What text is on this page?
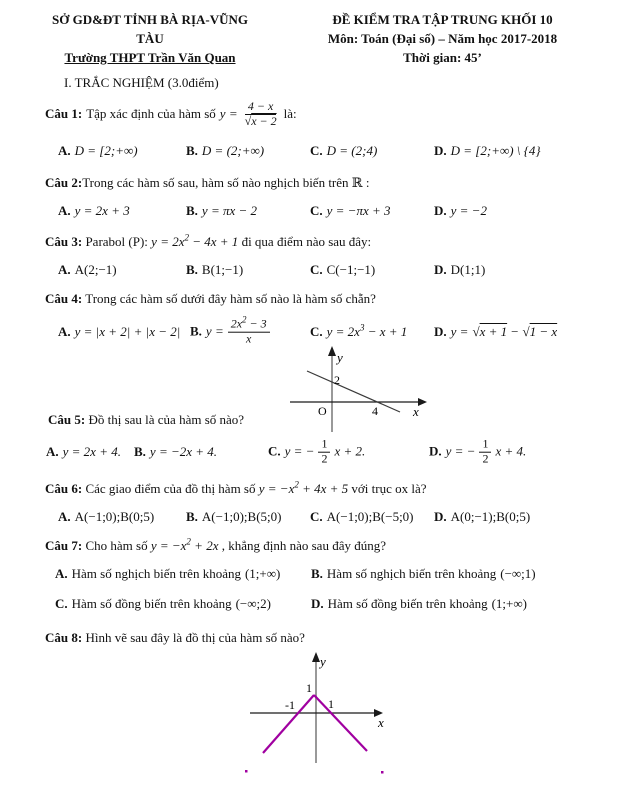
SỞ GD&ĐT TỈNH BÀ RỊA-VŨNG TÀU
Trường THPT Trần Văn Quan
ĐỀ KIỂM TRA TẬP TRUNG KHỐI 10
Môn: Toán (Đại số) – Năm học 2017-2018
Thời gian: 45’
I. TRẮC NGHIỆM (3.0điểm)
Câu 1: Tập xác định của hàm số $y = \frac{4 - x}{√x - 2}$ là:
A. D = [2;+∞)	B. D = (2;+∞)	C. D = (2;4)	D. D = [2;+∞) \ {4}
Câu 2:Trong các hàm số sau, hàm số nào nghịch biến trên ℝ :
A. y = 2x + 3	B. y = πx − 2	C. y = −πx + 3	D. y = −2
Câu 3: Parabol (P): $y = 2x^2 - 4x + 1$ đi qua điểm nào sau đây:
A. A(2;−1)	B. B(1;−1)	C. C(−1;−1)	D. D(1;1)
Câu 4: Trong các hàm số dưới đây hàm số nào là hàm số chẵn?
A. y = |x + 2| + |x − 2| B. $y = \frac{2x^2 - 3}{x}$	C. $y = 2x^3 - x + 1$ D. y = √x + 1 − √1 − x
y
x
O
2
4
Câu 5: Đồ thị sau là của hàm số nào?
A. y = 2x + 4. B. y = −2x + 4.	C. y = − $\frac{1}{2}$ x + 2.	D. y = − $\frac{1}{2}$ x + 4.
Câu 6: Các giao điểm của đồ thị hàm số $y = -x^2 + 4x + 5$ với trục ox là?
A. A(−1;0);B(0;5) B. A(−1;0);B(5;0) C. A(−1;0);B(−5;0) D. A(0;−1);B(0;5)
Câu 7: Cho hàm số $y = -x^2 + 2x$ , khẳng định nào sau đây đúng?
A. Hàm số nghịch biến trên khoảng (1;+∞) B. Hàm số nghịch biến trên khoảng (−∞;1)
C. Hàm số đồng biến trên khoảng (−∞;2)	D. Hàm số đồng biến trên khoảng (1;+∞)
Câu 8: Hình vẽ sau đây là đồ thị của hàm số nào?
y
x
1
-1	1
